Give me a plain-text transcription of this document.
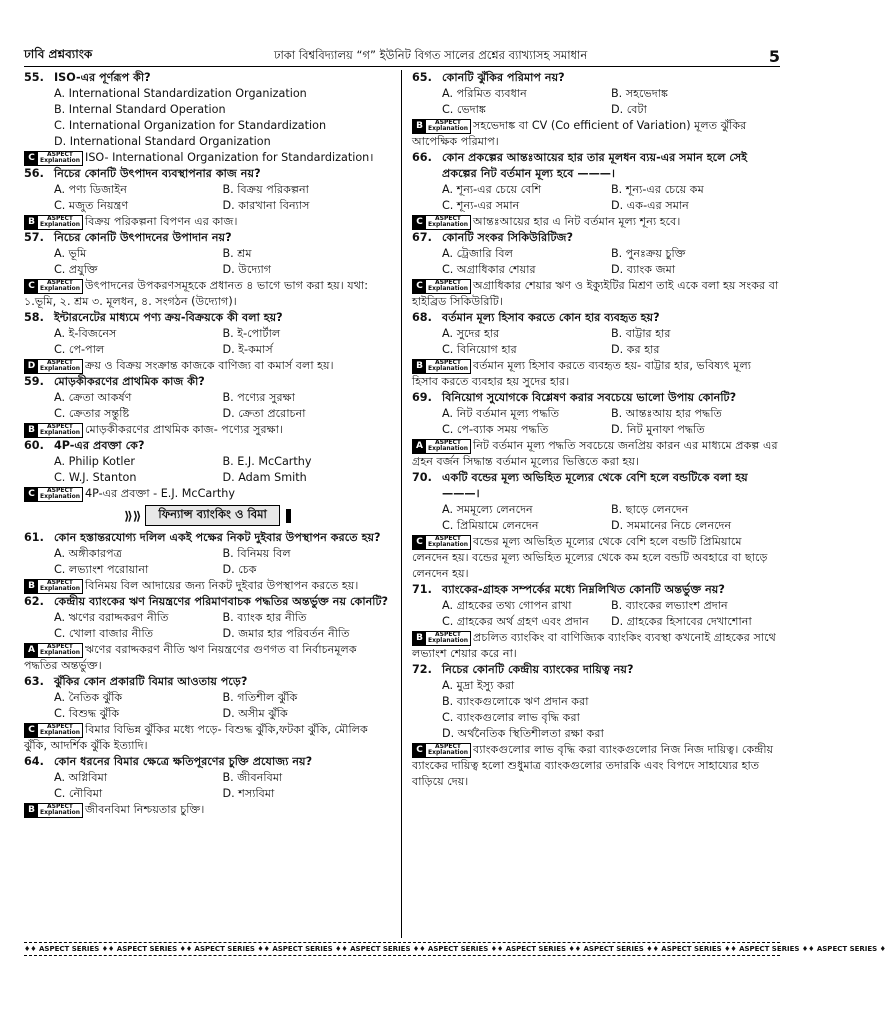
ঢাবি প্রশ্নব্যাংক	ঢাকা বিশ্ববিদ্যালয় “গ” ইউনিট বিগত সালের প্রশ্নের ব্যাখ্যাসহ সমাধান	5
55. ISO-এর পূর্ণরূপ কী?
A. International Standardization Organization
B. Internal Standard Operation
C. International Organization for Standardization
D. International Standard Organization
C	ASPECT
Explanation ISO- International Organization for Standardization।
56. নিচের কোনটি উৎপাদন ব্যবস্থাপনার কাজ নয়?
A. পণ্য ডিজাইন	B. বিক্রয় পরিকল্পনা
C. মজুত নিয়ন্ত্রণ	D. কারখানা বিন্যাস
B	ASPECT
Explanation বিক্রয় পরিকল্পনা বিপণন এর কাজ।
57. নিচের কোনটি উৎপাদনের উপাদান নয়?
A. ভূমি	B. শ্রম
C. প্রযুক্তি	D. উদ্যোগ
C	ASPECT
Explanation উৎপাদনের উপকরণসমূহকে প্রধানত ৪ ভাগে ভাগ করা হয়। যথা: ১.ভূমি, ২. শ্রম ৩. মূলধন, ৪. সংগঠন (উদ্যোগ)।
58. ইন্টারনেটের মাধ্যমে পণ্য ক্রয়-বিক্রয়কে কী বলা হয়?
A. ই-বিজনেস	B. ই-পোর্টাল
C. পে-পাল	D. ই-কমার্স
D	ASPECT
Explanation ক্রয় ও বিক্রয় সংক্রান্ত কাজকে বাণিজ্য বা কমার্স বলা হয়।
59. মোড়কীকরণের প্রাথমিক কাজ কী?
A. ক্রেতা আকর্ষণ	B. পণ্যের সুরক্ষা
C. ক্রেতার সন্তুষ্টি	D. ক্রেতা প্ররোচনা
B	ASPECT
Explanation মোড়কীকরণের প্রাথমিক কাজ- পণ্যের সুরক্ষা।
60. 4P-এর প্রবক্তা কে?
A. Philip Kotler	B. E.J. McCarthy
C. W.J. Stanton	D. Adam Smith
C	ASPECT
Explanation 4P-এর প্রবক্তা - E.J. McCarthy
⟫⟫	ফিন্যান্স ব্যাংকিং ও বিমা
61. কোন হস্তান্তরযোগ্য দলিল একই পক্ষের নিকট দুইবার উপস্থাপন করতে হয়?
A. অঙ্গীকারপত্র	B. বিনিময় বিল
C. লভ্যাংশ পরোয়ানা	D. চেক
B	ASPECT
Explanation বিনিময় বিল আদায়ের জন্য নিকট দুইবার উপস্থাপন করতে হয়।
62. কেন্দ্রীয় ব্যাংকের ঋণ নিয়ন্ত্রণের পরিমাণবাচক পদ্ধতির অন্তর্ভুক্ত নয় কোনটি?
A. ঋণের বরাদ্দকরণ নীতি	B. ব্যাংক হার নীতি
C. খোলা বাজার নীতি	D. জমার হার পরিবর্তন নীতি
A	ASPECT
Explanation ঋণের বরাদ্দকরণ নীতি ঋণ নিয়ন্ত্রণের গুণগত বা নির্বাচনমূলক পদ্ধতির অন্তর্ভুক্ত।
63. ঝুঁকির কোন প্রকারটি বিমার আওতায় পড়ে?
A. নৈতিক ঝুঁকি	B. গতিশীল ঝুঁকি
C. বিশুদ্ধ ঝুঁকি	D. অসীম ঝুঁকি
C	ASPECT
Explanation বিমার বিভিন্ন ঝুঁকির মধ্যে পড়ে- বিশুদ্ধ ঝুঁকি,ফটকা ঝুঁকি, মৌলিক ঝুঁকি, আদর্শিক ঝুঁকি ইত্যাদি।
64. কোন ধরনের বিমার ক্ষেত্রে ক্ষতিপূরণের চুক্তি প্রযোজ্য নয়?
A. অগ্নিবিমা	B. জীবনবিমা
C. নৌবিমা	D. শস্যবিমা
B	ASPECT
Explanation জীবনবিমা নিশ্চয়তার চুক্তি।
65. কোনটি ঝুঁকির পরিমাপ নয়?
A. পরিমিত ব্যবধান	B. সহভেদাঙ্ক
C. ভেদাঙ্ক	D. বেটা
B	ASPECT
Explanation সহভেদাঙ্ক বা CV (Co efficient of Variation) মূলত ঝুঁকির আপেক্ষিক পরিমাপ।
66. কোন প্রকল্পের আন্তঃআয়ের হার তার মূলধন ব্যয়-এর সমান হলে সেই প্রকল্পের নিট বর্তমান মূল্য হবে ———।
A. শূন্য-এর চেয়ে বেশি	B. শূন্য-এর চেয়ে কম
C. শূন্য-এর সমান	D. এক-এর সমান
C	ASPECT
Explanation আন্তঃআয়ের হার এ নিট বর্তমান মূল্য শূন্য হবে।
67. কোনটি সংকর সিকিউরিটিজ?
A. ট্রেজারি বিল	B. পুনঃক্রয় চুক্তি
C. অগ্রাধিকার শেয়ার	D. ব্যাংক জমা
C	ASPECT
Explanation অগ্রাধিকার শেয়ার ঋণ ও ইক্যুইটির মিশ্রণ তাই একে বলা হয় সংকর বা হাইব্রিড সিকিউরিটি।
68. বর্তমান মূল্য হিসাব করতে কোন হার ব্যবহৃত হয়?
A. সুদের হার	B. বাট্টার হার
C. বিনিয়োগ হার	D. কর হার
B	ASPECT
Explanation বর্তমান মূল্য হিসাব করতে ব্যবহৃত হয়- বাট্টার হার, ভবিষ্যৎ মূল্য হিসাব করতে ব্যবহার হয় সুদের হার।
69. বিনিয়োগ সুযোগকে বিশ্লেষণ করার সবচেয়ে ভালো উপায় কোনটি?
A. নিট বর্তমান মূল্য পদ্ধতি	B. আন্তঃআয় হার পদ্ধতি
C. পে-ব্যাক সময় পদ্ধতি	D. নিট মুনাফা পদ্ধতি
A	ASPECT
Explanation নিট বর্তমান মূল্য পদ্ধতি সবচেয়ে জনপ্রিয় কারন এর মাধ্যমে প্রকল্প এর গ্রহন বর্জন সিদ্ধান্ত বর্তমান মূল্যের ভিত্তিতে করা হয়।
70. একটি বন্ডের মূল্য অভিহিত মূল্যের থেকে বেশি হলে বন্ডটিকে বলা হয়———।
A. সমমূল্যে লেনদেন	B. ছাড়ে লেনদেন
C. প্রিমিয়ামে লেনদেন	D. সমমানের নিচে লেনদেন
C	ASPECT
Explanation বন্ডের মূল্য অভিহিত মূল্যের থেকে বেশি হলে বন্ডটি প্রিমিয়ামে লেনদেন হয়। বন্ডের মূল্য অভিহিত মূল্যের থেকে কম হলে বন্ডটি অবহারে বা ছাড়ে লেনদেন হয়।
71. ব্যাংকের-গ্রাহক সম্পর্কের মধ্যে নিম্নলিখিত কোনটি অন্তর্ভুক্ত নয়?
A. গ্রাহকের তথ্য গোপন রাখা	B. ব্যাংকের লভ্যাংশ প্রদান
C. গ্রাহকের অর্থ গ্রহণ এবং প্রদান	D. গ্রাহকের হিসাবের দেখাশোনা
B	ASPECT
Explanation প্রচলিত ব্যাংকিং বা বাণিজ্যিক ব্যাংকিং ব্যবস্থা কখনোই গ্রাহকের সাথে লভ্যাংশ শেয়ার করে না।
72. নিচের কোনটি কেন্দ্রীয় ব্যাংকের দায়িত্ব নয়?
A. মুদ্রা ইস্যু করা
B. ব্যাংকগুলোকে ঋণ প্রদান করা
C. ব্যাংকগুলোর লাভ বৃদ্ধি করা
D. অর্থনৈতিক স্থিতিশীলতা রক্ষা করা
C	ASPECT
Explanation ব্যাংকগুলোর লাভ বৃদ্ধি করা ব্যাংকগুলোর নিজ নিজ দায়িত্ব। কেন্দ্রীয় ব্যাংকের দায়িত্ব হলো শুধুমাত্র ব্যাংকগুলোর তদারকি এবং বিপদে সাহায্যের হাত বাড়িয়ে দেয়।
♦♦ ASPECT SERIES ♦♦ ASPECT SERIES ♦♦ ASPECT SERIES ♦♦ ASPECT SERIES ♦♦ ASPECT SERIES ♦♦ ASPECT SERIES ♦♦ ASPECT SERIES ♦♦ ASPECT SERIES ♦♦ ASPECT SERIES ♦♦ ASPECT SERIES ♦♦ ASPECT SERIES ♦
